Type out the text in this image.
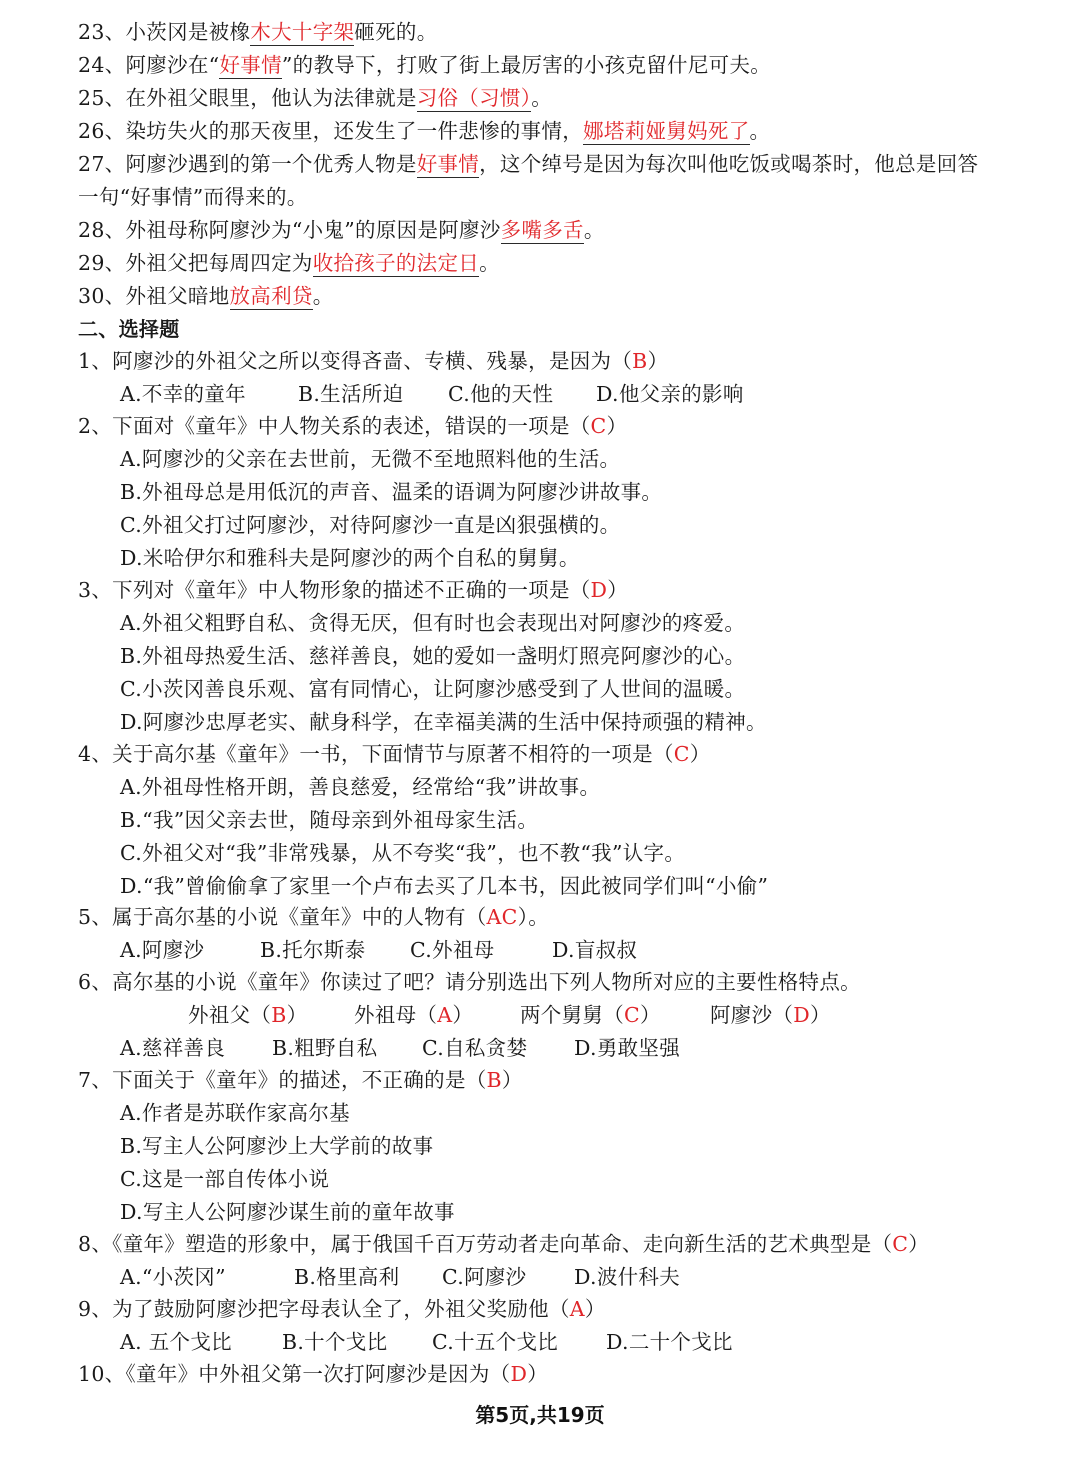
23、小茨冈是被橡木大十字架砸死的。
24、阿廖沙在“好事情”的教导下，打败了街上最厉害的小孩克留什尼可夫。
25、在外祖父眼里，他认为法律就是习俗（习惯）。
26、染坊失火的那天夜里，还发生了一件悲惨的事情，娜塔莉娅舅妈死了。
27、阿廖沙遇到的第一个优秀人物是好事情，这个绰号是因为每次叫他吃饭或喝茶时，他总是回答
一句“好事情”而得来的。
28、外祖母称阿廖沙为“小鬼”的原因是阿廖沙多嘴多舌。
29、外祖父把每周四定为收拾孩子的法定日。
30、外祖父暗地放高利贷。
二、选择题
1、阿廖沙的外祖父之所以变得吝啬、专横、残暴，是因为（B）
A.不幸的童年	B.生活所迫 C.他的天性 D.他父亲的影响
2、下面对《童年》中人物关系的表述，错误的一项是（C）
A.阿廖沙的父亲在去世前，无微不至地照料他的生活。
B.外祖母总是用低沉的声音、温柔的语调为阿廖沙讲故事。
C.外祖父打过阿廖沙，对待阿廖沙一直是凶狠强横的。
D.米哈伊尔和雅科夫是阿廖沙的两个自私的舅舅。
3、下列对《童年》中人物形象的描述不正确的一项是（D）
A.外祖父粗野自私、贪得无厌，但有时也会表现出对阿廖沙的疼爱。
B.外祖母热爱生活、慈祥善良，她的爱如一盏明灯照亮阿廖沙的心。
C.小茨冈善良乐观、富有同情心，让阿廖沙感受到了人世间的温暖。
D.阿廖沙忠厚老实、献身科学，在幸福美满的生活中保持顽强的精神。
4、关于高尔基《童年》一书，下面情节与原著不相符的一项是（C）
A.外祖母性格开朗，善良慈爱，经常给“我”讲故事。
B.“我”因父亲去世，随母亲到外祖母家生活。
C.外祖父对“我”非常残暴，从不夸奖“我”，也不教“我”认字。
D.“我”曾偷偷拿了家里一个卢布去买了几本书，因此被同学们叫“小偷”
5、属于高尔基的小说《童年》中的人物有（AC）。
A.阿廖沙	B.托尔斯泰 C.外祖母	D.盲叔叔
6、高尔基的小说《童年》你读过了吧？请分别选出下列人物所对应的主要性格特点。
外祖父（B） 外祖母（A） 两个舅舅（C） 阿廖沙（D）
A.慈祥善良 B.粗野自私 C.自私贪婪 D.勇敢坚强
7、下面关于《童年》的描述，不正确的是（B）
A.作者是苏联作家高尔基
B.写主人公阿廖沙上大学前的故事
C.这是一部自传体小说
D.写主人公阿廖沙谋生前的童年故事
8、《童年》塑造的形象中，属于俄国千百万劳动者走向革命、走向新生活的艺术典型是（C）
A.“小茨冈”	B.格里高利 C.阿廖沙 D.波什科夫
9、为了鼓励阿廖沙把字母表认全了，外祖父奖励他（A）
A. 五个戈比 B.十个戈比 C.十五个戈比 D.二十个戈比
10、《童年》中外祖父第一次打阿廖沙是因为（D）
第5页,共19页
